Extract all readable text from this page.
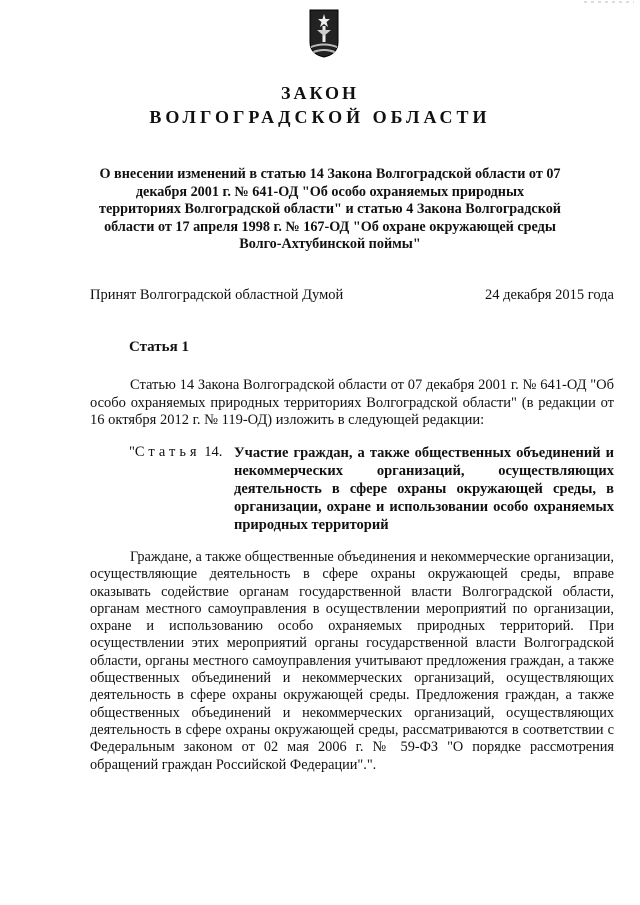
ЗАКОН
ВОЛГОГРАДСКОЙ ОБЛАСТИ
О внесении изменений в статью 14 Закона Волгоградской области от 07 декабря 2001 г. № 641-ОД "Об особо охраняемых природных территориях Волгоградской области" и статью 4 Закона Волгоградской области от 17 апреля 1998 г. № 167-ОД "Об охране окружающей среды Волго-Ахтубинской поймы"
Принят Волгоградской областной Думой	24 декабря 2015 года
Статья 1
Статью 14 Закона Волгоградской области от 07 декабря 2001 г. № 641-ОД "Об особо охраняемых природных территориях Волгоградской области" (в редакции от 16 октября 2012 г. № 119-ОД) изложить в следующей редакции:
"Статья 14. Участие граждан, а также общественных объединений и некоммерческих организаций, осуществляющих деятельность в сфере охраны окружающей среды, в организации, охране и использовании особо охраняемых природных территорий
Граждане, а также общественные объединения и некоммерческие организации, осуществляющие деятельность в сфере охраны окружающей среды, вправе оказывать содействие органам государственной власти Волгоградской области, органам местного самоуправления в осуществлении мероприятий по организации, охране и использованию особо охраняемых природных территорий. При осуществлении этих мероприятий органы государственной власти Волгоградской области, органы местного самоуправления учитывают предложения граждан, а также общественных объединений и некоммерческих организаций, осуществляющих деятельность в сфере охраны окружающей среды. Предложения граждан, а также общественных объединений и некоммерческих организаций, осуществляющих деятельность в сфере охраны окружающей среды, рассматриваются в соответствии с Федеральным законом от 02 мая 2006 г. № 59-ФЗ "О порядке рассмотрения обращений граждан Российской Федерации".".
